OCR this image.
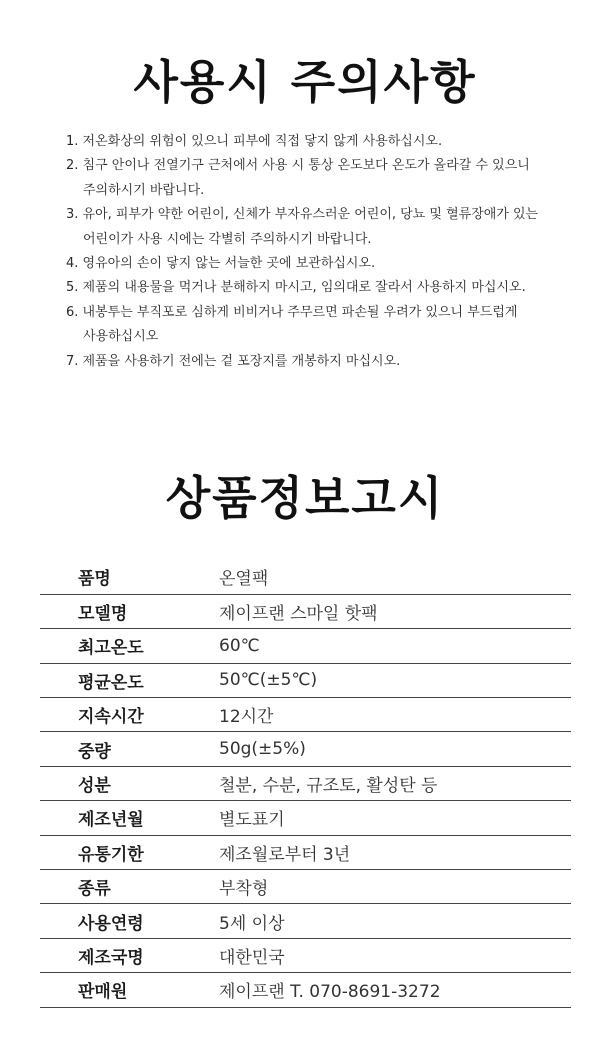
사용시 주의사항
1. 저온화상의 위험이 있으니 피부에 직접 닿지 않게 사용하십시오.
2. 침구 안이나 전열기구 근처에서 사용 시 통상 온도보다 온도가 올라갈 수 있으니
주의하시기 바랍니다.
3. 유아, 피부가 약한 어린이, 신체가 부자유스러운 어린이, 당뇨 및 혈류장애가 있는
어린이가 사용 시에는 각별히 주의하시기 바랍니다.
4. 영유아의 손이 닿지 않는 서늘한 곳에 보관하십시오.
5. 제품의 내용물을 먹거나 분해하지 마시고, 임의대로 잘라서 사용하지 마십시오.
6. 내봉투는 부직포로 심하게 비비거나 주무르면 파손될 우려가 있으니 부드럽게
사용하십시오
7. 제품을 사용하기 전에는 겉 포장지를 개봉하지 마십시오.
상품정보고시
품명	온열팩
모델명	제이프랜 스마일 핫팩
최고온도	60℃
평균온도	50℃(±5℃)
지속시간	12시간
중량	50g(±5%)
성분	철분, 수분, 규조토, 활성탄 등
제조년월	별도표기
유통기한	제조월로부터 3년
종류	부착형
사용연령	5세 이상
제조국명	대한민국
판매원	제이프랜 T. 070-8691-3272
